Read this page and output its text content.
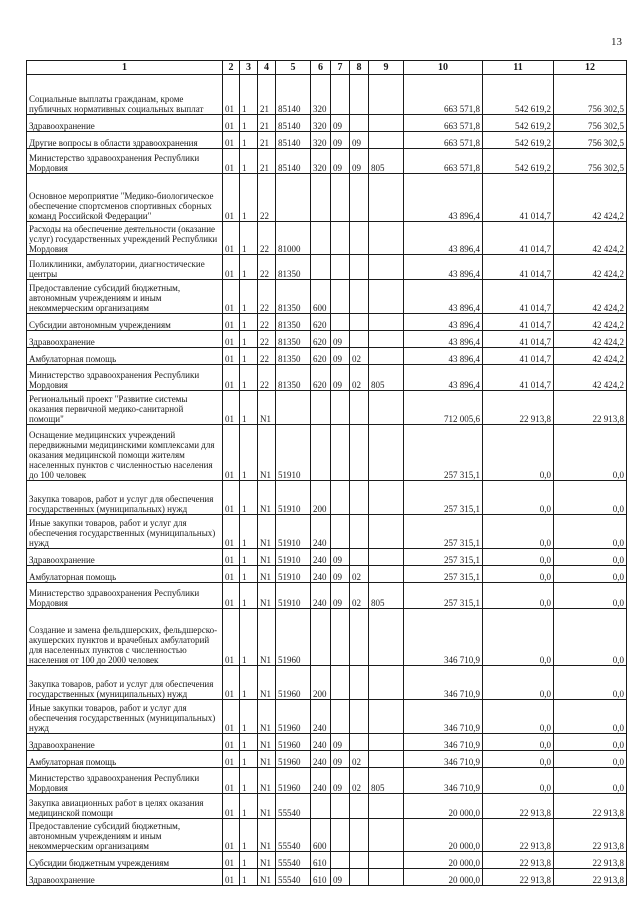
13
1	2	3	4	5	6	7	8	9	10	11	12
Социальные выплаты гражданам, кроме публичных нормативных социальных выплат	01	1	21	85140	320				663 571,8	542 619,2	756 302,5
Здравоохранение	01	1	21	85140	320	09			663 571,8	542 619,2	756 302,5
Другие вопросы в области здравоохранения	01	1	21	85140	320	09	09		663 571,8	542 619,2	756 302,5
Министерство здравоохранения Республики Мордовия	01	1	21	85140	320	09	09	805	663 571,8	542 619,2	756 302,5
Основное мероприятие "Медико-биологическое обеспечение спортсменов спортивных сборных команд Российской Федерации"	01	1	22						43 896,4	41 014,7	42 424,2
Расходы на обеспечение деятельности (оказание услуг) государственных учреждений Республики Мордовия	01	1	22	81000					43 896,4	41 014,7	42 424,2
Поликлиники, амбулатории, диагностические центры	01	1	22	81350					43 896,4	41 014,7	42 424,2
Предоставление субсидий бюджетным, автономным учреждениям и иным некоммерческим организациям	01	1	22	81350	600				43 896,4	41 014,7	42 424,2
Субсидии автономным учреждениям	01	1	22	81350	620				43 896,4	41 014,7	42 424,2
Здравоохранение	01	1	22	81350	620	09			43 896,4	41 014,7	42 424,2
Амбулаторная помощь	01	1	22	81350	620	09	02		43 896,4	41 014,7	42 424,2
Министерство здравоохранения Республики Мордовия	01	1	22	81350	620	09	02	805	43 896,4	41 014,7	42 424,2
Региональный проект "Развитие системы оказания первичной медико-санитарной помощи"	01	1	N1						712 005,6	22 913,8	22 913,8
Оснащение медицинских учреждений передвижными медицинскими комплексами для оказания медицинской помощи жителям населенных пунктов с численностью населения до 100 человек	01	1	N1	51910					257 315,1	0,0	0,0
Закупка товаров, работ и услуг для обеспечения государственных (муниципальных) нужд	01	1	N1	51910	200				257 315,1	0,0	0,0
Иные закупки товаров, работ и услуг для обеспечения государственных (муниципальных) нужд	01	1	N1	51910	240				257 315,1	0,0	0,0
Здравоохранение	01	1	N1	51910	240	09			257 315,1	0,0	0,0
Амбулаторная помощь	01	1	N1	51910	240	09	02		257 315,1	0,0	0,0
Министерство здравоохранения Республики Мордовия	01	1	N1	51910	240	09	02	805	257 315,1	0,0	0,0
Создание и замена фельдшерских, фельдшерско-акушерских пунктов и врачебных амбулаторий для населенных пунктов с численностью населения от 100 до 2000 человек	01	1	N1	51960					346 710,9	0,0	0,0
Закупка товаров, работ и услуг для обеспечения государственных (муниципальных) нужд	01	1	N1	51960	200				346 710,9	0,0	0,0
Иные закупки товаров, работ и услуг для обеспечения государственных (муниципальных) нужд	01	1	N1	51960	240				346 710,9	0,0	0,0
Здравоохранение	01	1	N1	51960	240	09			346 710,9	0,0	0,0
Амбулаторная помощь	01	1	N1	51960	240	09	02		346 710,9	0,0	0,0
Министерство здравоохранения Республики Мордовия	01	1	N1	51960	240	09	02	805	346 710,9	0,0	0,0
Закупка авиационных работ в целях оказания медицинской помощи	01	1	N1	55540					20 000,0	22 913,8	22 913,8
Предоставление субсидий бюджетным, автономным учреждениям и иным некоммерческим организациям	01	1	N1	55540	600				20 000,0	22 913,8	22 913,8
Субсидии бюджетным учреждениям	01	1	N1	55540	610				20 000,0	22 913,8	22 913,8
Здравоохранение	01	1	N1	55540	610	09			20 000,0	22 913,8	22 913,8
